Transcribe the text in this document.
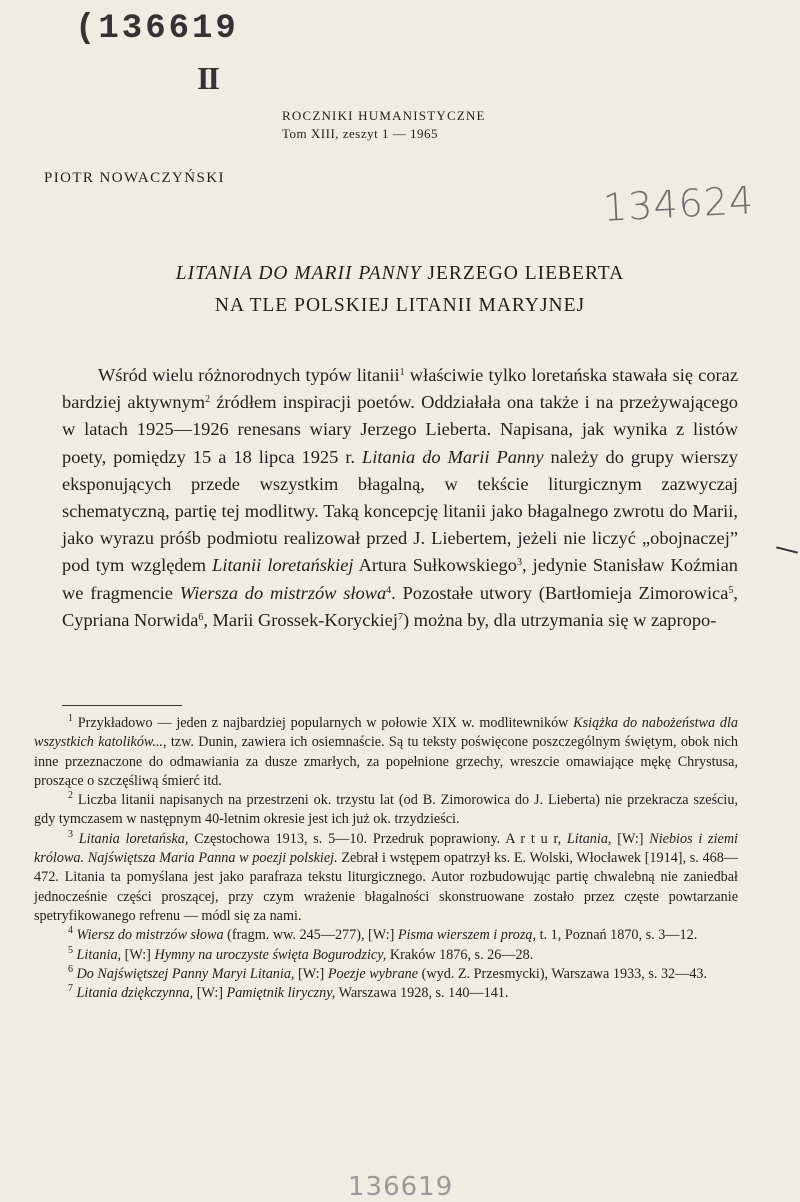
(136619
II
ROCZNIKI HUMANISTYCZNE
Tom XIII, zeszyt 1 — 1965
PIOTR NOWACZYŃSKI
134624
LITANIA DO MARII PANNY JERZEGO LIEBERTA
NA TLE POLSKIEJ LITANII MARYJNEJ

Wśród wielu różnorodnych typów litanii$^1$ właściwie tylko loretańska stawała się coraz bardziej aktywnym$^2$ źródłem inspiracji poetów. Oddziałała ona także i na przeżywającego w latach 1925—1926 renesans wiary Jerzego Lieberta. Napisana, jak wynika z listów poety, pomiędzy 15 a 18 lipca 1925 r. Litania do Marii Panny należy do grupy wierszy eksponujących przede wszystkim błagalną, w tekście liturgicznym zazwyczaj schematyczną, partię tej modlitwy. Taką koncepcję litanii jako błagalnego zwrotu do Marii, jako wyrazu próśb podmiotu realizował przed J. Liebertem, jeżeli nie liczyć „obojnaczej” pod tym względem Litanii loretańskiej Artura Sułkowskiego$^3$, jedynie Stanisław Koźmian we fragmencie Wiersza do mistrzów słowa$^4$. Pozostałe utwory (Bartłomieja Zimorowica$^5$, Cypriana Norwida$^6$, Marii Grossek-Koryckiej$^7$) można by, dla utrzymania się w zapropo-

$^1$ Przykładowo — jeden z najbardziej popularnych w połowie XIX w. modlitewników Książka do nabożeństwa dla wszystkich katolików..., tzw. Dunin, zawiera ich osiemnaście. Są tu teksty poświęcone poszczególnym świętym, obok nich inne przeznaczone do odmawiania za dusze zmarłych, za popełnione grzechy, wreszcie omawiające mękę Chrystusa, proszące o szczęśliwą śmierć itd.

$^2$ Liczba litanii napisanych na przestrzeni ok. trzystu lat (od B. Zimorowica do J. Lieberta) nie przekracza sześciu, gdy tymczasem w następnym 40-letnim okresie jest ich już ok. trzydzieści.

$^3$ Litania loretańska, Częstochowa 1913, s. 5—10. Przedruk poprawiony. A r t u r, Litania, [W:] Niebios i ziemi królowa. Najświętsza Maria Panna w poezji polskiej. Zebrał i wstępem opatrzył ks. E. Wolski, Włocławek [1914], s. 468—472. Litania ta pomyślana jest jako parafraza tekstu liturgicznego. Autor rozbudowując partię chwalebną nie zaniedbał jednocześnie części proszącej, przy czym wrażenie błagalności skonstruowane zostało przez częste powtarzanie spetryfikowanego refrenu — módl się za nami.

$^4$ Wiersz do mistrzów słowa (fragm. ww. 245—277), [W:] Pisma wierszem i prozą, t. 1, Poznań 1870, s. 3—12.

$^5$ Litania, [W:] Hymny na uroczyste święta Bogurodzicy, Kraków 1876, s. 26—28.

$^6$ Do Najświętszej Panny Maryi Litania, [W:] Poezje wybrane (wyd. Z. Przesmycki), Warszawa 1933, s. 32—43.

$^7$ Litania dziękczynna, [W:] Pamiętnik liryczny, Warszawa 1928, s. 140—141.

136619
